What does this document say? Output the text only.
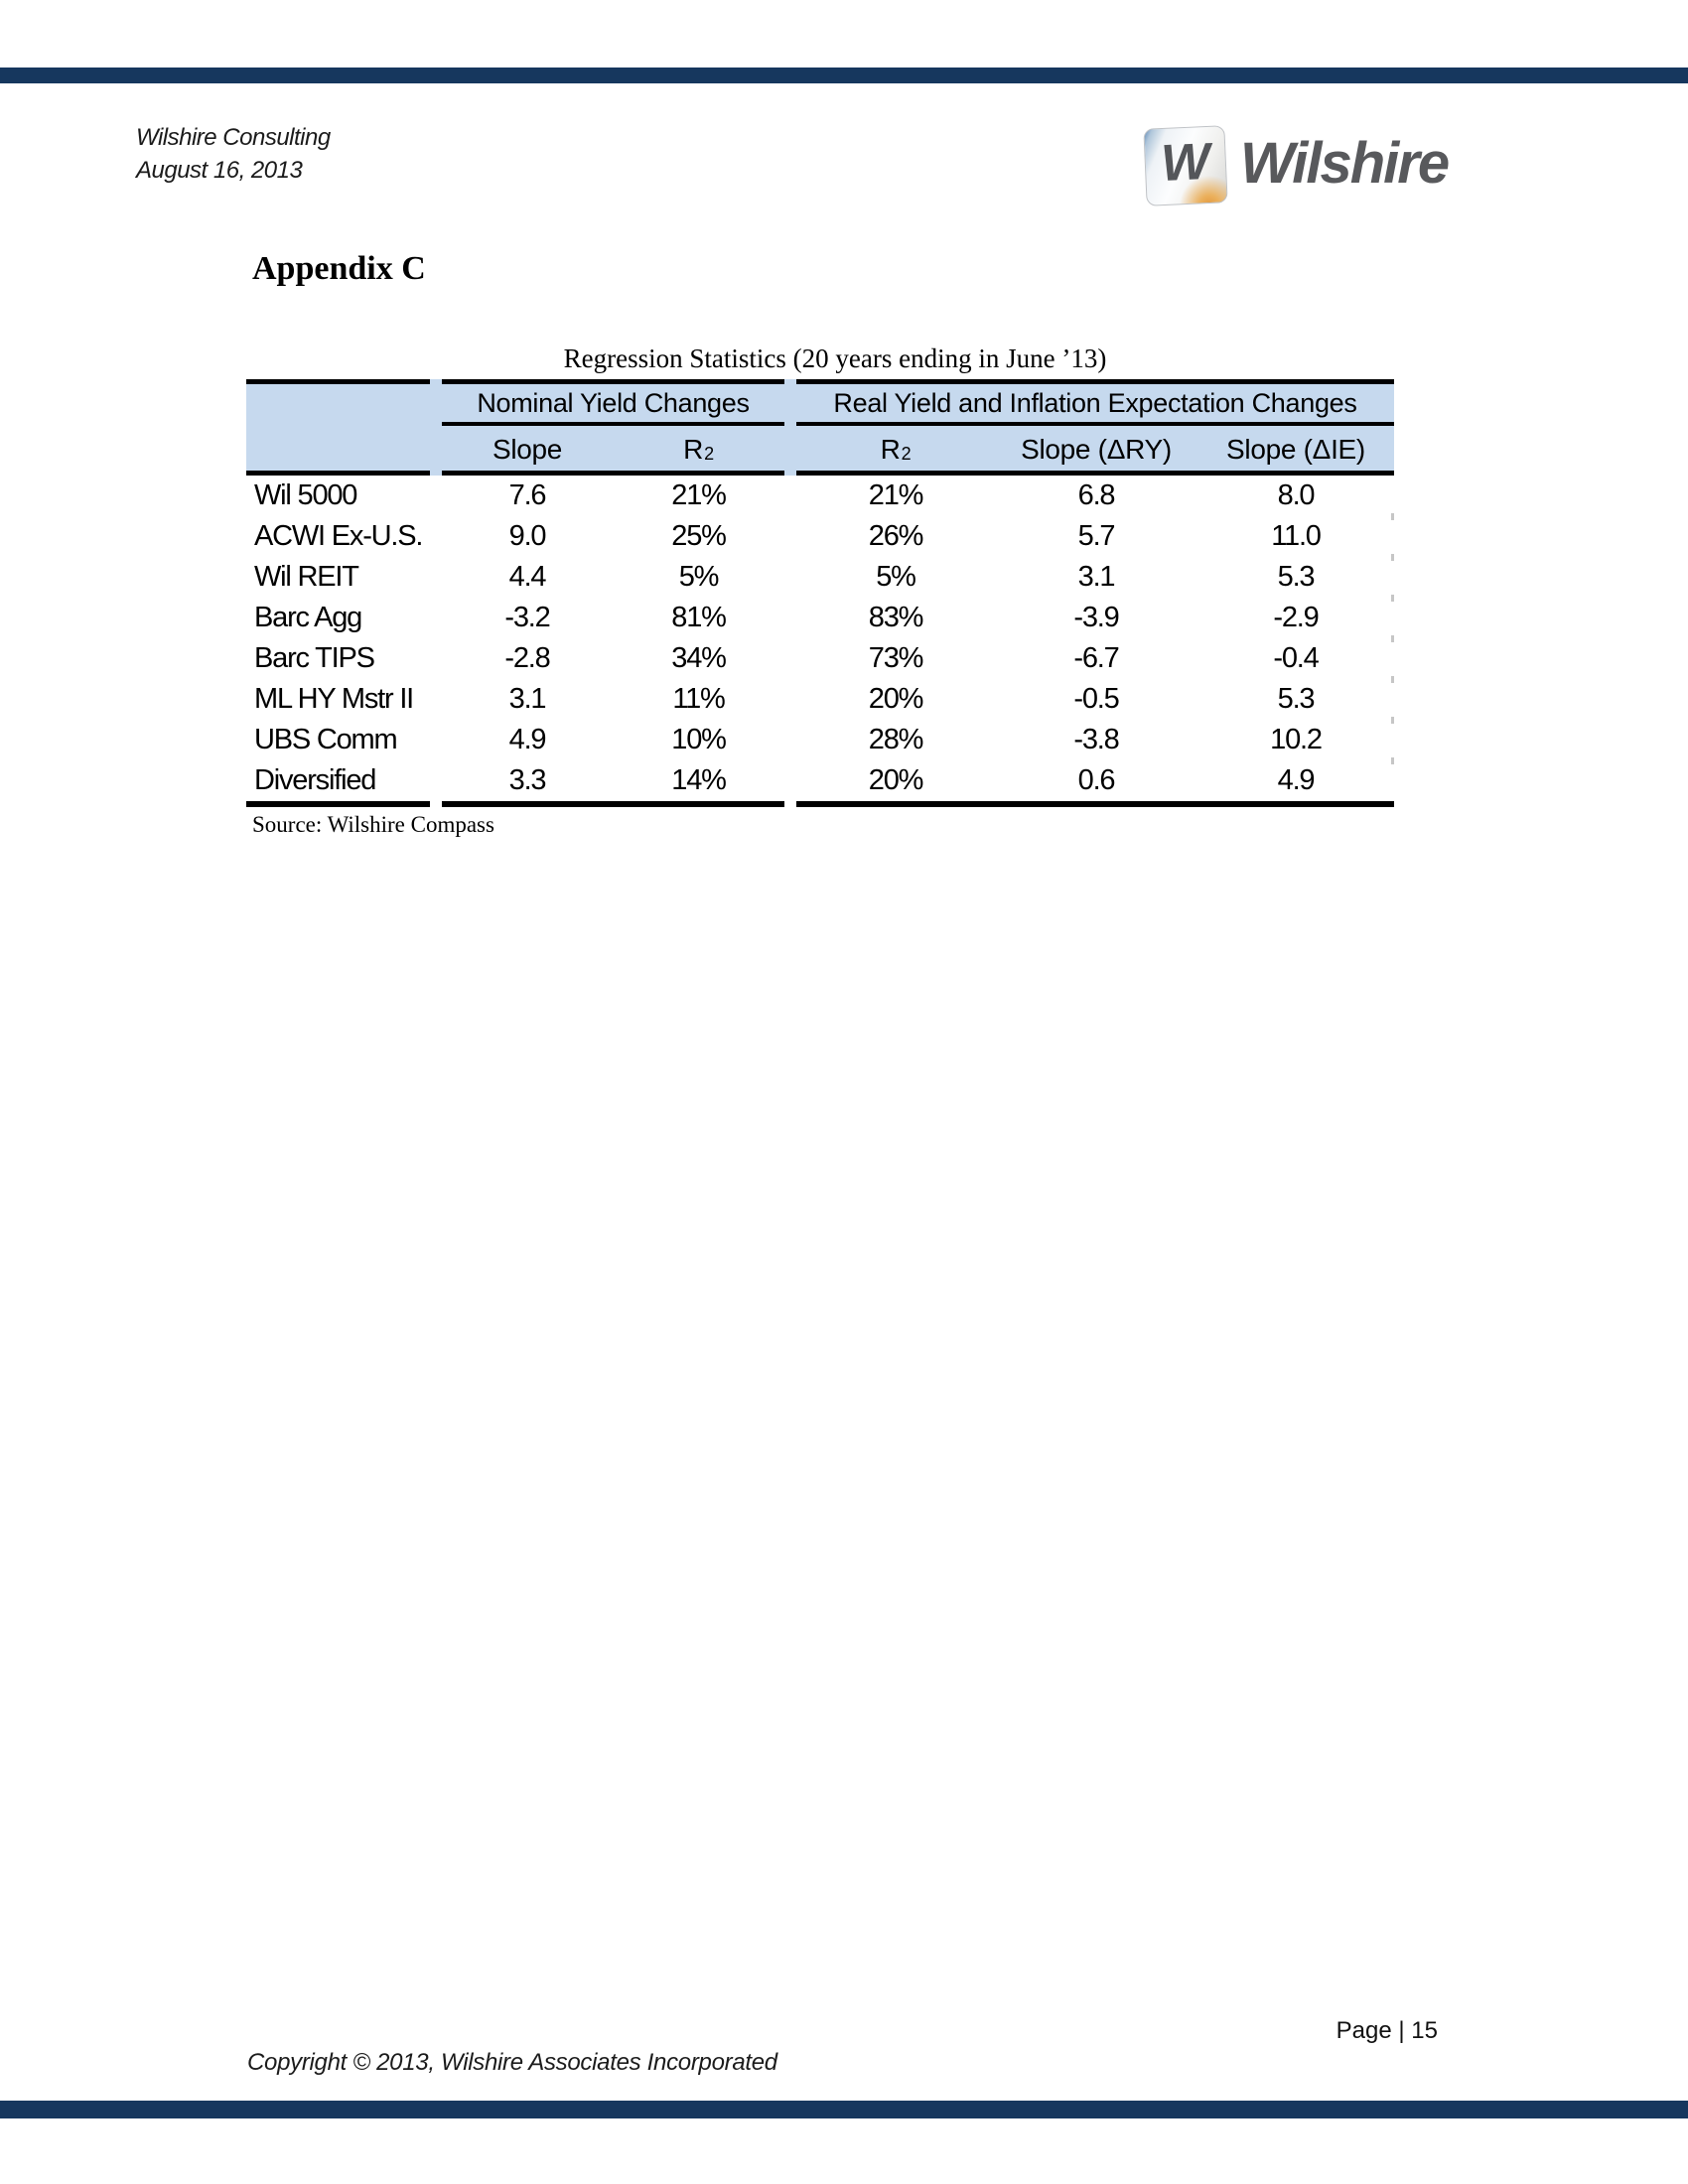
Wilshire Consulting
August 16, 2013	W Wilshire
Appendix C
Regression Statistics (20 years ending in June ’13)
Nominal Yield Changes	Real Yield and Inflation Expectation Changes
Slope	$R^2$	$R^2$	Slope (ΔRY)	Slope (ΔIE)
Wil 5000	7.6	21%	21%	6.8	8.0
ACWI Ex-U.S.	9.0	25%	26%	5.7	11.0
Wil REIT	4.4	5%	5%	3.1	5.3
Barc Agg	-3.2	81%	83%	-3.9	-2.9
Barc TIPS	-2.8	34%	73%	-6.7	-0.4
ML HY Mstr II	3.1	11%	20%	-0.5	5.3
UBS Comm	4.9	10%	28%	-3.8	10.2
Diversified	3.3	14%	20%	0.6	4.9
Source: Wilshire Compass
Page | 15
Copyright © 2013, Wilshire Associates Incorporated
